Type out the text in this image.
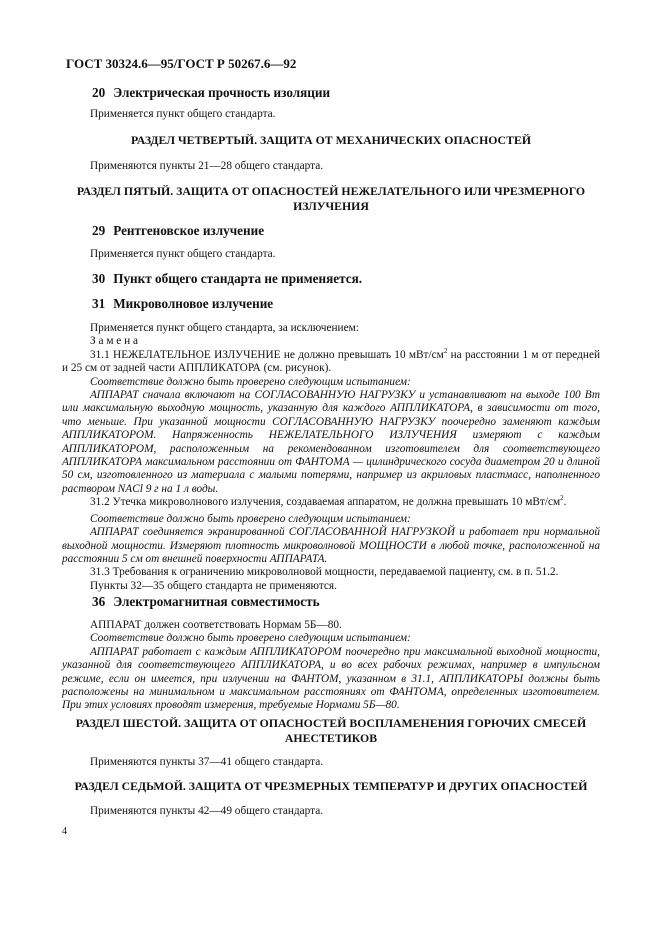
ГОСТ 30324.6—95/ГОСТ Р 50267.6—92
20 Электрическая прочность изоляции

Применяется пункт общего стандарта.

РАЗДЕЛ ЧЕТВЕРТЫЙ. ЗАЩИТА ОТ МЕХАНИЧЕСКИХ ОПАСНОСТЕЙ

Применяются пункты 21—28 общего стандарта.

РАЗДЕЛ ПЯТЫЙ. ЗАЩИТА ОТ ОПАСНОСТЕЙ НЕЖЕЛАТЕЛЬНОГО ИЛИ ЧРЕЗМЕРНОГО
ИЗЛУЧЕНИЯ
29 Рентгеновское излучение

Применяется пункт общего стандарта.

30 Пункт общего стандарта не применяется.
31 Микроволновое излучение

Применяется пункт общего стандарта, за исключением:

З а м е н а

31.1 НЕЖЕЛАТЕЛЬНОЕ ИЗЛУЧЕНИЕ не должно превышать 10 мВт/$см^2$ на расстоянии 1 м от передней и 25 см от задней части АППЛИКАТОРА (см. рисунок).

Соответствие должно быть проверено следующим испытанием:

АППАРАТ сначала включают на СОГЛАСОВАННУЮ НАГРУЗКУ и устанавливают на выходе 100 Вт или максимальную выходную мощность, указанную для каждого АППЛИКАТОРА, в зависимости от того, что меньше. При указанной мощности СОГЛАСОВАННУЮ НАГРУЗКУ поочередно заменяют каждым АППЛИКАТОРОМ. Напряженность НЕЖЕЛАТЕЛЬНОГО ИЗЛУЧЕНИЯ измеряют с каждым АППЛИКАТОРОМ, расположенным на рекомендованном изготовителем для соответствующего АППЛИКАТОРА максимальном расстоянии от ФАНТОМА — цилиндрического сосуда диаметром 20 и длиной 50 см, изготовленного из материала с малыми потерями, например из акриловых пластмасс, наполненного раствором NACl 9 г на 1 л воды.

31.2 Утечка микроволнового излучения, создаваемая аппаратом, не должна превышать 10 мВт/$см^2$.

Соответствие должно быть проверено следующим испытанием:

АППАРАТ соединяется экранированной СОГЛАСОВАННОЙ НАГРУЗКОЙ и работает при нормальной выходной мощности. Измеряют плотность микроволновой МОЩНОСТИ в любой точке, расположенной на расстоянии 5 см от внешней поверхности АППАРАТА.

31.3 Требования к ограничению микроволновой мощности, передаваемой пациенту, см. в п. 51.2.

Пункты 32—35 общего стандарта не применяются.

36 Электромагнитная совместимость

АППАРАТ должен соответствовать Нормам 5Б—80.

Соответствие должно быть проверено следующим испытанием:

АППАРАТ работает с каждым АППЛИКАТОРОМ поочередно при максимальной выходной мощности, указанной для соответствующего АППЛИКАТОРА, и во всех рабочих режимах, например в импульсном режиме, если он имеется, при излучении на ФАНТОМ, указанном в 31.1, АППЛИКАТОРЫ должны быть расположены на минимальном и максимальном расстояниях от ФАНТОМА, определенных изготовителем. При этих условиях проводят измерения, требуемые Нормами 5Б—80.

РАЗДЕЛ ШЕСТОЙ. ЗАЩИТА ОТ ОПАСНОСТЕЙ ВОСПЛАМЕНЕНИЯ ГОРЮЧИХ СМЕСЕЙ
АНЕСТЕТИКОВ

Применяются пункты 37—41 общего стандарта.

РАЗДЕЛ СЕДЬМОЙ. ЗАЩИТА ОТ ЧРЕЗМЕРНЫХ ТЕМПЕРАТУР И ДРУГИХ ОПАСНОСТЕЙ

Применяются пункты 42—49 общего стандарта.

4
